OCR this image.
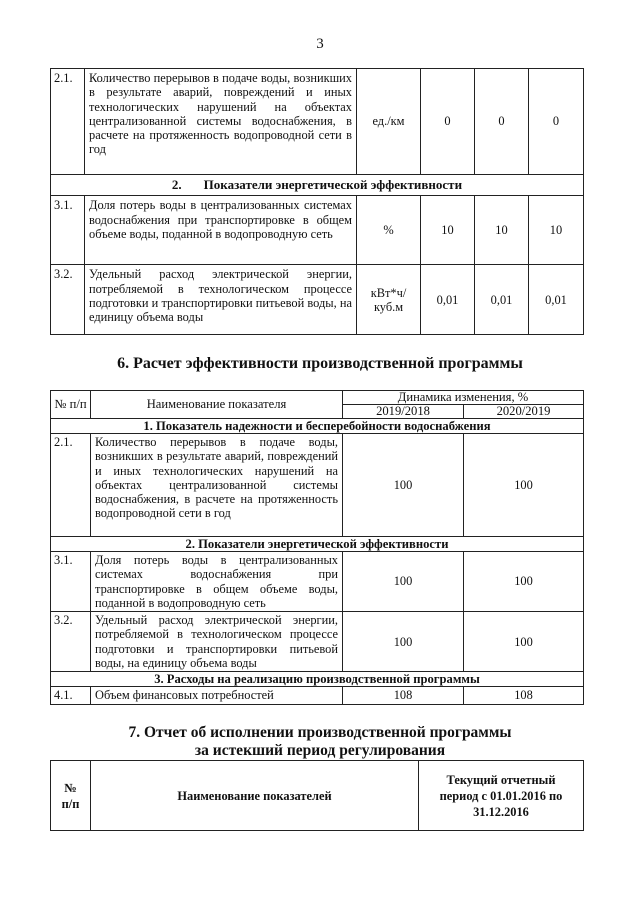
3
2.1.	Количество перерывов в подаче воды, возникших в результате аварий, повреждений и иных технологических нарушений на объектах централизованной системы водоснабжения, в расчете на протяженность водопроводной сети в год	ед./км	0	0	0
2. Показатели энергетической эффективности					
3.1.	Доля потерь воды в централизованных системах водоснабжения при транспортировке в общем объеме воды, поданной в водопроводную сеть	%	10	10	10
3.2.	Удельный расход электрической энергии, потребляемой в технологическом процессе подготовки и транспортировки питьевой воды, на единицу объема воды	кВт*ч/ куб.м	0,01	0,01	0,01
6. Расчет эффективности производственной программы
№ п/п	Наименование показателя	Динамика изменения, %	
		2019/2018	2020/2019
1. Показатель надежности и бесперебойности водоснабжения			
2.1.	Количество перерывов в подаче воды, возникших в результате аварий, повреждений и иных технологических нарушений на объектах централизованной системы водоснабжения, в расчете на протяженность водопроводной сети в год	100	100
2. Показатели энергетической эффективности			
3.1.	Доля потерь воды в централизованных системах водоснабжения при транспортировке в общем объеме воды, поданной в водопроводную сеть	100	100
3.2.	Удельный расход электрической энергии, потребляемой в технологическом процессе подготовки и транспортировки питьевой воды, на единицу объема воды	100	100
3. Расходы на реализацию производственной программы			
4.1.	Объем финансовых потребностей	108	108
7. Отчет об исполнении производственной программы
за истекший период регулирования
№ п/п	Наименование показателей	Текущий отчетный период с 01.01.2016 по 31.12.2016
